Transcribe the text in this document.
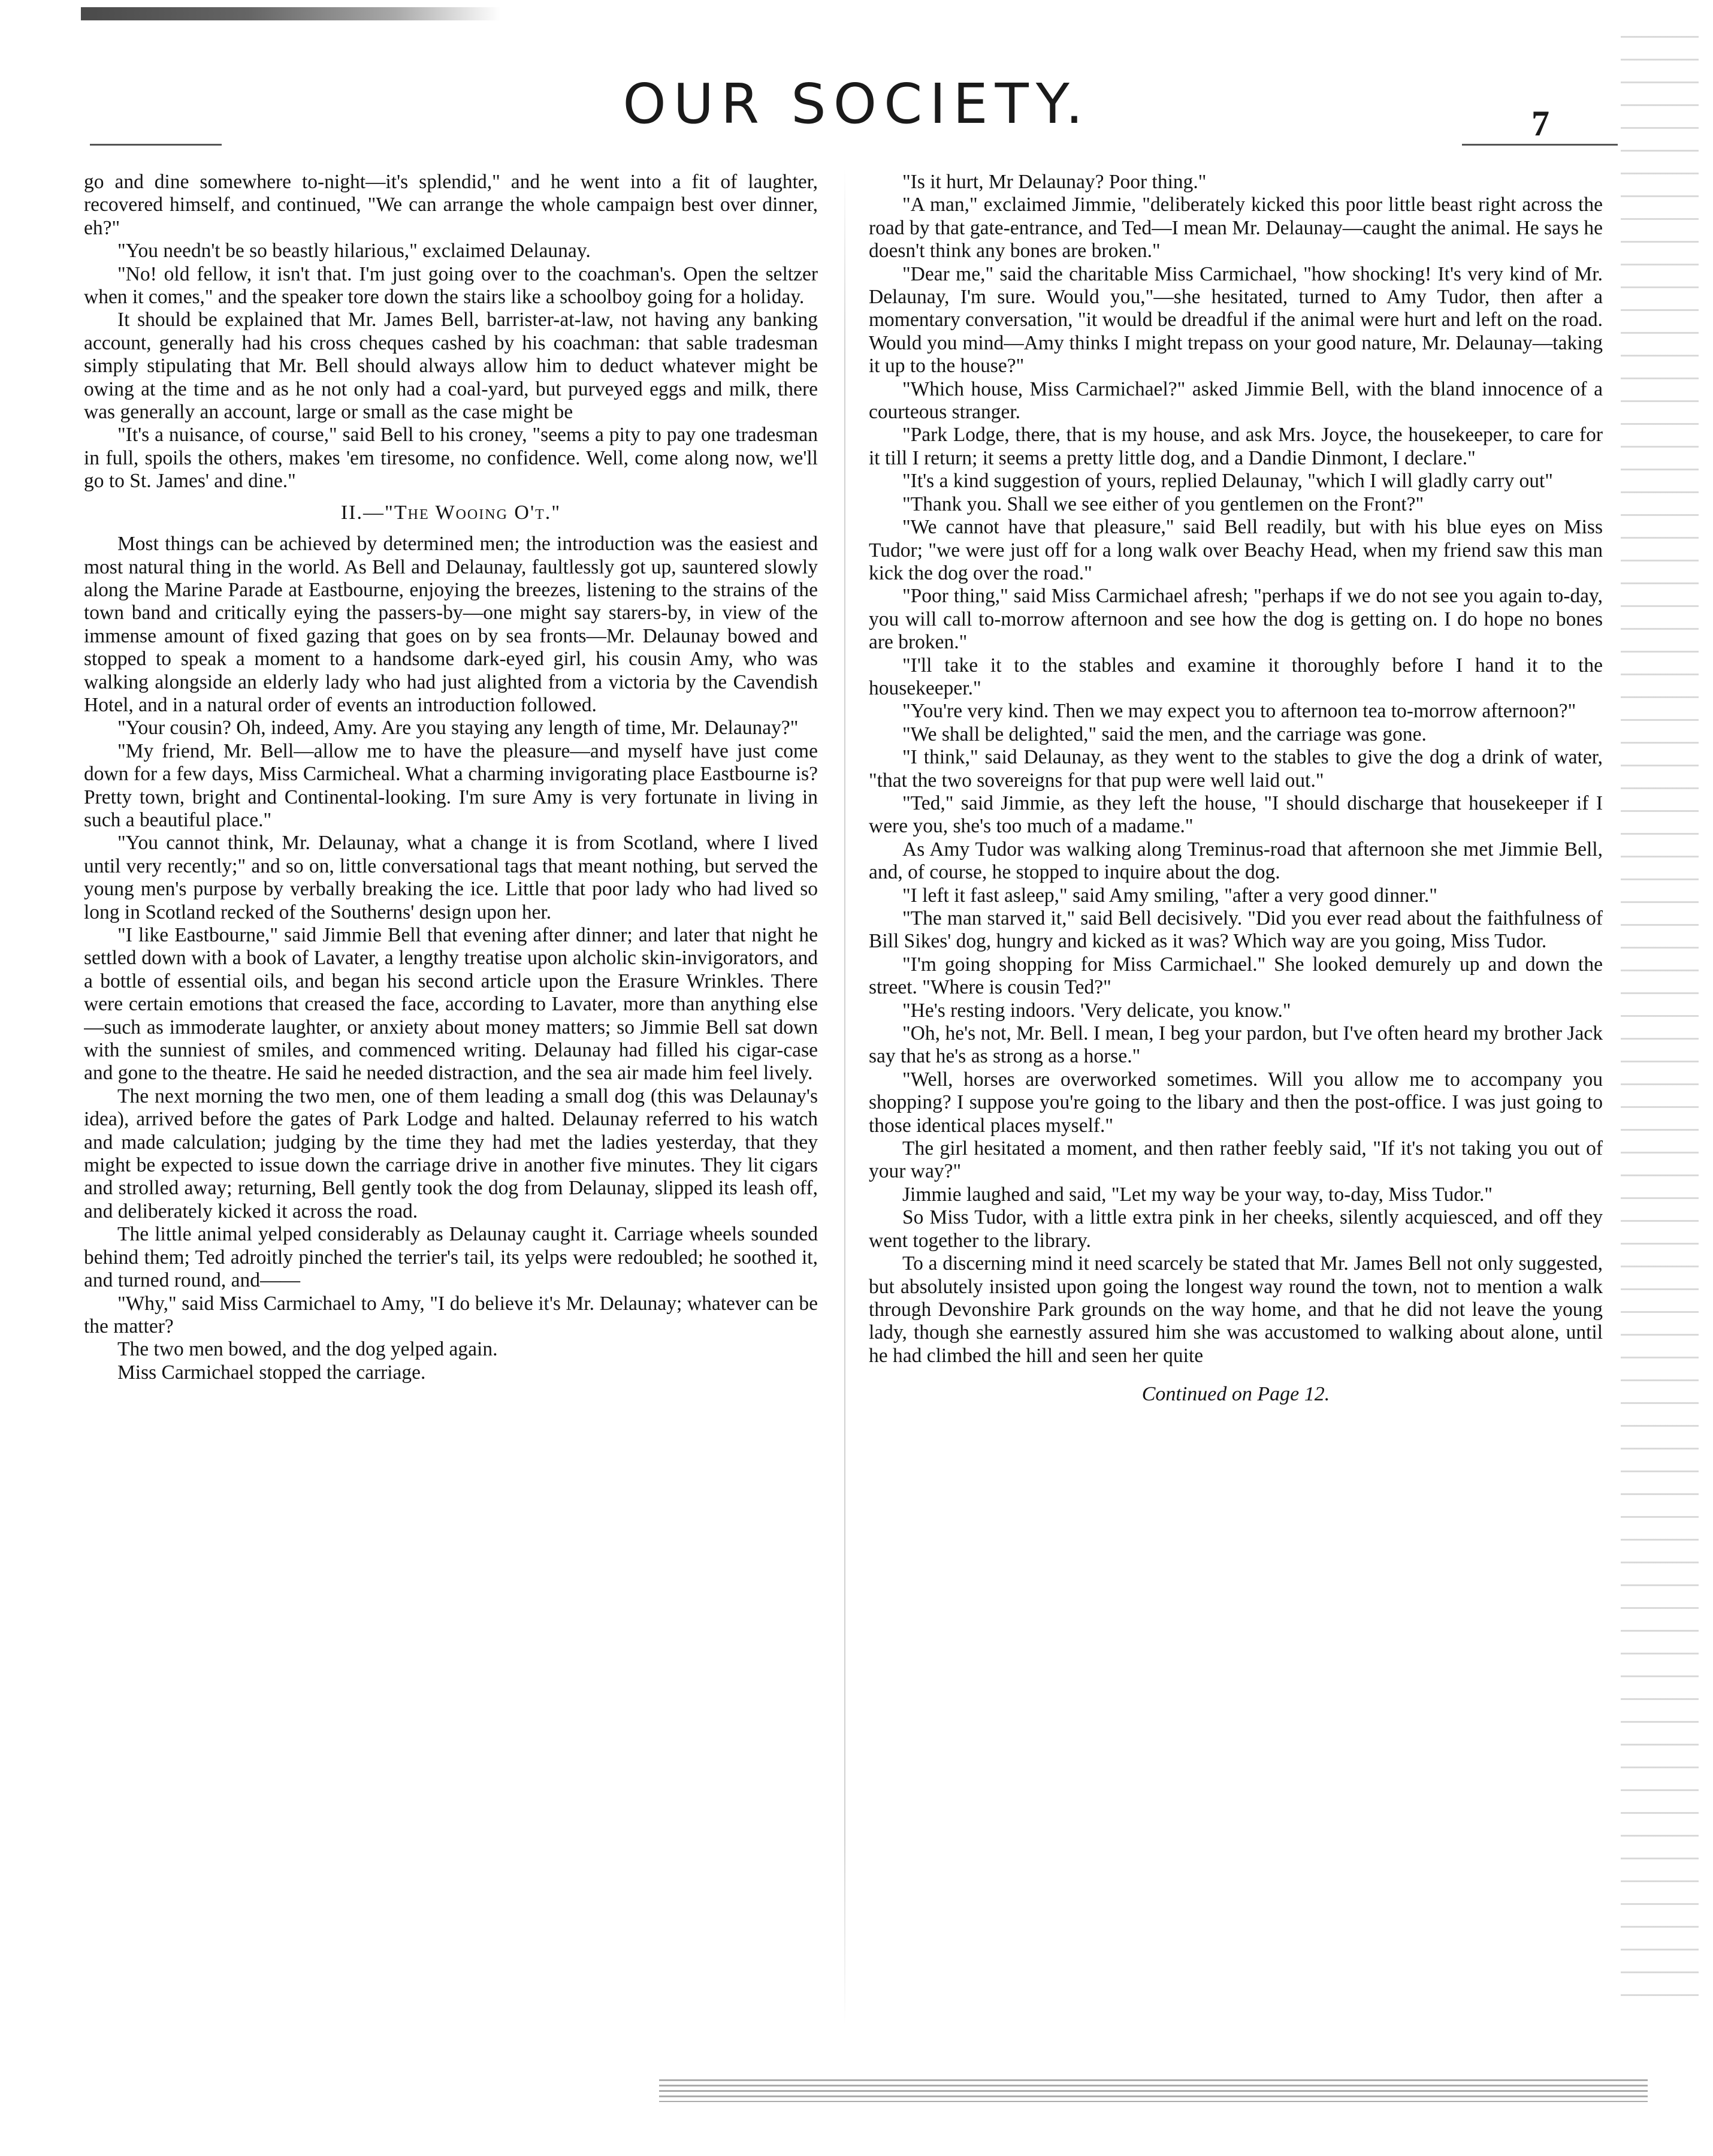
OUR SOCIETY.	7

go and dine somewhere to-night—it's splendid," and he went into a fit of laughter, recovered himself, and continued, "We can arrange the whole campaign best over dinner, eh?"

"You needn't be so beastly hilarious," exclaimed Delaunay.

"No! old fellow, it isn't that. I'm just going over to the coachman's. Open the seltzer when it comes," and the speaker tore down the stairs like a schoolboy going for a holiday.

It should be explained that Mr. James Bell, barrister-at-law, not having any banking account, generally had his cross cheques cashed by his coachman: that sable tradesman simply stipulating that Mr. Bell should always allow him to deduct whatever might be owing at the time and as he not only had a coal-yard, but purveyed eggs and milk, there was generally an account, large or small as the case might be

"It's a nuisance, of course," said Bell to his croney, "seems a pity to pay one tradesman in full, spoils the others, makes 'em tiresome, no confidence. Well, come along now, we'll go to St. James' and dine."

II.—"The Wooing O't."

Most things can be achieved by determined men; the introduction was the easiest and most natural thing in the world. As Bell and Delaunay, faultlessly got up, sauntered slowly along the Marine Parade at Eastbourne, enjoying the breezes, listening to the strains of the town band and critically eying the passers-by—one might say starers-by, in view of the immense amount of fixed gazing that goes on by sea fronts—Mr. Delaunay bowed and stopped to speak a moment to a handsome dark-eyed girl, his cousin Amy, who was walking alongside an elderly lady who had just alighted from a victoria by the Cavendish Hotel, and in a natural order of events an introduction followed.

"Your cousin? Oh, indeed, Amy. Are you staying any length of time, Mr. Delaunay?"

"My friend, Mr. Bell—allow me to have the pleasure—and myself have just come down for a few days, Miss Carmicheal. What a charming invigorating place Eastbourne is? Pretty town, bright and Continental-looking. I'm sure Amy is very fortunate in living in such a beautiful place."

"You cannot think, Mr. Delaunay, what a change it is from Scotland, where I lived until very recently;" and so on, little conversational tags that meant nothing, but served the young men's purpose by verbally breaking the ice. Little that poor lady who had lived so long in Scotland recked of the Southerns' design upon her.

"I like Eastbourne," said Jimmie Bell that evening after dinner; and later that night he settled down with a book of Lavater, a lengthy treatise upon alcholic skin-invigorators, and a bottle of essential oils, and began his second article upon the Erasure Wrinkles. There were certain emotions that creased the face, according to Lavater, more than anything else—such as immoderate laughter, or anxiety about money matters; so Jimmie Bell sat down with the sunniest of smiles, and commenced writing. Delaunay had filled his cigar-case and gone to the theatre. He said he needed distraction, and the sea air made him feel lively.

The next morning the two men, one of them leading a small dog (this was Delaunay's idea), arrived before the gates of Park Lodge and halted. Delaunay referred to his watch and made calculation; judging by the time they had met the ladies yesterday, that they might be expected to issue down the carriage drive in another five minutes. They lit cigars and strolled away; returning, Bell gently took the dog from Delaunay, slipped its leash off, and deliberately kicked it across the road.

The little animal yelped considerably as Delaunay caught it. Carriage wheels sounded behind them; Ted adroitly pinched the terrier's tail, its yelps were redoubled; he soothed it, and turned round, and——

"Why," said Miss Carmichael to Amy, "I do believe it's Mr. Delaunay; whatever can be the matter?

The two men bowed, and the dog yelped again.

Miss Carmichael stopped the carriage.

"Is it hurt, Mr Delaunay? Poor thing."

"A man," exclaimed Jimmie, "deliberately kicked this poor little beast right across the road by that gate-entrance, and Ted—I mean Mr. Delaunay—caught the animal. He says he doesn't think any bones are broken."

"Dear me," said the charitable Miss Carmichael, "how shocking! It's very kind of Mr. Delaunay, I'm sure. Would you,"—she hesitated, turned to Amy Tudor, then after a momentary conversation, "it would be dreadful if the animal were hurt and left on the road. Would you mind—Amy thinks I might trepass on your good nature, Mr. Delaunay—taking it up to the house?"

"Which house, Miss Carmichael?" asked Jimmie Bell, with the bland innocence of a courteous stranger.

"Park Lodge, there, that is my house, and ask Mrs. Joyce, the housekeeper, to care for it till I return; it seems a pretty little dog, and a Dandie Dinmont, I declare."

"It's a kind suggestion of yours, replied Delaunay, "which I will gladly carry out"

"Thank you. Shall we see either of you gentlemen on the Front?"

"We cannot have that pleasure," said Bell readily, but with his blue eyes on Miss Tudor; "we were just off for a long walk over Beachy Head, when my friend saw this man kick the dog over the road."

"Poor thing," said Miss Carmichael afresh; "perhaps if we do not see you again to-day, you will call to-morrow afternoon and see how the dog is getting on. I do hope no bones are broken."

"I'll take it to the stables and examine it thoroughly before I hand it to the housekeeper."

"You're very kind. Then we may expect you to afternoon tea to-morrow afternoon?"

"We shall be delighted," said the men, and the carriage was gone.

"I think," said Delaunay, as they went to the stables to give the dog a drink of water, "that the two sovereigns for that pup were well laid out."

"Ted," said Jimmie, as they left the house, "I should discharge that housekeeper if I were you, she's too much of a madame."

As Amy Tudor was walking along Treminus-road that afternoon she met Jimmie Bell, and, of course, he stopped to inquire about the dog.

"I left it fast asleep," said Amy smiling, "after a very good dinner."

"The man starved it," said Bell decisively. "Did you ever read about the faithfulness of Bill Sikes' dog, hungry and kicked as it was? Which way are you going, Miss Tudor.

"I'm going shopping for Miss Carmichael." She looked demurely up and down the street. "Where is cousin Ted?"

"He's resting indoors. 'Very delicate, you know."

"Oh, he's not, Mr. Bell. I mean, I beg your pardon, but I've often heard my brother Jack say that he's as strong as a horse."

"Well, horses are overworked sometimes. Will you allow me to accompany you shopping? I suppose you're going to the libary and then the post-office. I was just going to those identical places myself."

The girl hesitated a moment, and then rather feebly said, "If it's not taking you out of your way?"

Jimmie laughed and said, "Let my way be your way, to-day, Miss Tudor."

So Miss Tudor, with a little extra pink in her cheeks, silently acquiesced, and off they went together to the library.

To a discerning mind it need scarcely be stated that Mr. James Bell not only suggested, but absolutely insisted upon going the longest way round the town, not to mention a walk through Devonshire Park grounds on the way home, and that he did not leave the young lady, though she earnestly assured him she was accustomed to walking about alone, until he had climbed the hill and seen her quite

Continued on Page 12.
